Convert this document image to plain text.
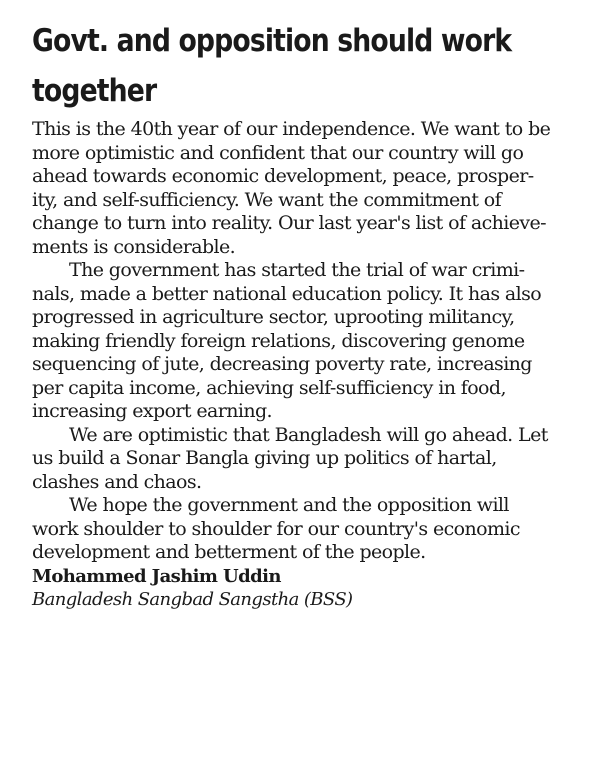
Govt. and opposition should work
together

This is the 40th year of our independence. We want to be
more optimistic and confident that our country will go
ahead towards economic development, peace, prosper-
ity, and self-sufficiency. We want the commitment of
change to turn into reality. Our last year's list of achieve-
ments is considerable.

The government has started the trial of war crimi-
nals, made a better national education policy. It has also
progressed in agriculture sector, uprooting militancy,
making friendly foreign relations, discovering genome
sequencing of jute, decreasing poverty rate, increasing
per capita income, achieving self-sufficiency in food,
increasing export earning.

We are optimistic that Bangladesh will go ahead. Let
us build a Sonar Bangla giving up politics of hartal,
clashes and chaos.

We hope the government and the opposition will
work shoulder to shoulder for our country's economic
development and betterment of the people.

Mohammed Jashim Uddin

Bangladesh Sangbad Sangstha (BSS)
